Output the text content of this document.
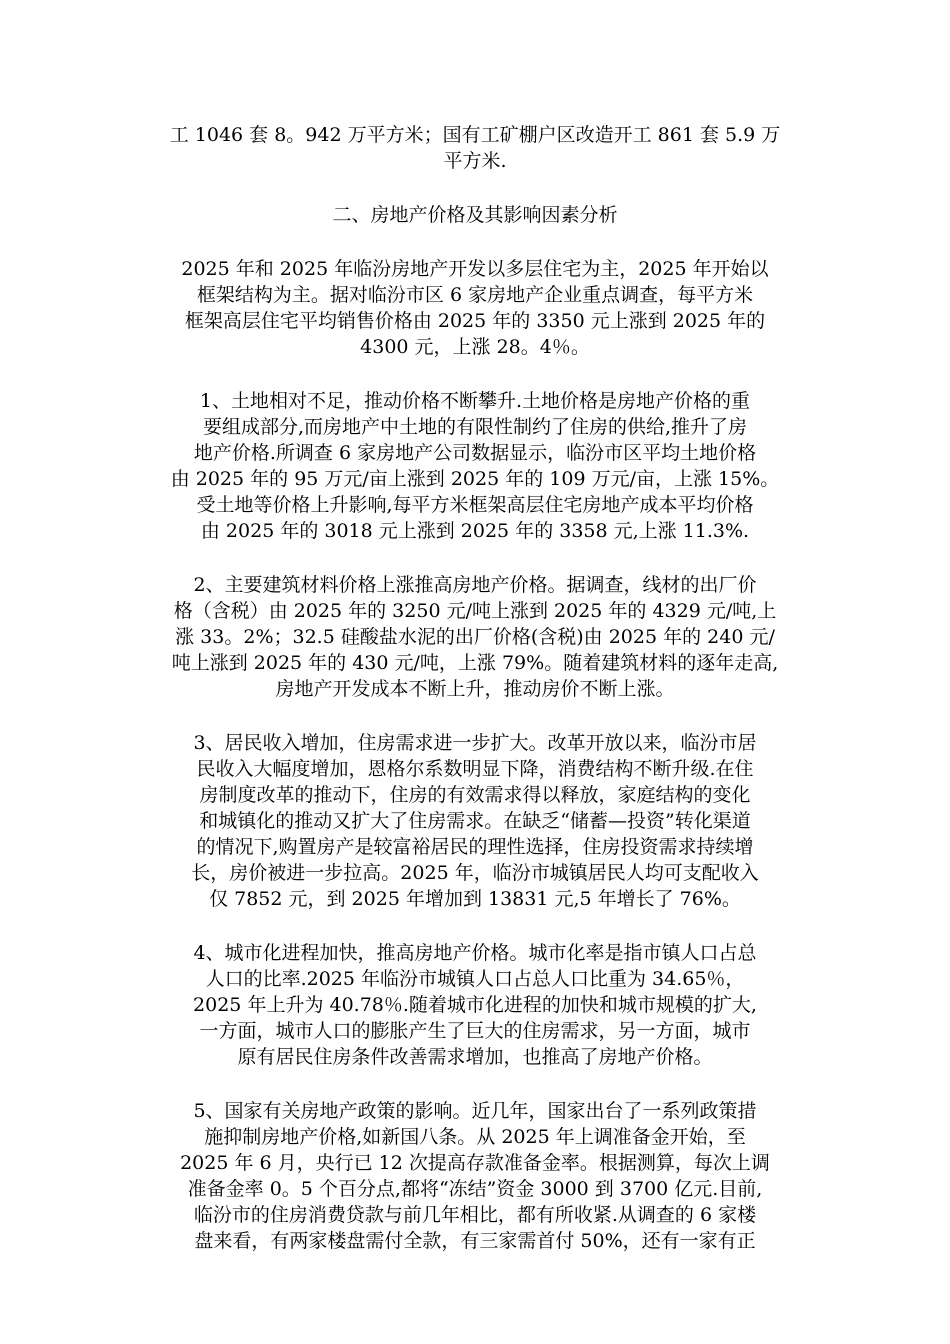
工 1046 套 8。942 万平方米；国有工矿棚户区改造开工 861 套 5.9 万
平方米.

二、房地产价格及其影响因素分析

2025 年和 2025 年临汾房地产开发以多层住宅为主，2025 年开始以
框架结构为主。据对临汾市区 6 家房地产企业重点调查，每平方米
框架高层住宅平均销售价格由 2025 年的 3350 元上涨到 2025 年的
4300 元，上涨 28。4％。

1、土地相对不足，推动价格不断攀升.土地价格是房地产价格的重
要组成部分,而房地产中土地的有限性制约了住房的供给,推升了房
地产价格.所调查 6 家房地产公司数据显示，临汾市区平均土地价格
由 2025 年的 95 万元/亩上涨到 2025 年的 109 万元/亩，上涨 15%。
受土地等价格上升影响,每平方米框架高层住宅房地产成本平均价格
由 2025 年的 3018 元上涨到 2025 年的 3358 元,上涨 11.3%.

2、主要建筑材料价格上涨推高房地产价格。据调查，线材的出厂价
格（含税）由 2025 年的 3250 元/吨上涨到 2025 年的 4329 元/吨,上
涨 33。2%；32.5 硅酸盐水泥的出厂价格(含税)由 2025 年的 240 元/
吨上涨到 2025 年的 430 元/吨，上涨 79%。随着建筑材料的逐年走高,
房地产开发成本不断上升，推动房价不断上涨。

3、居民收入增加，住房需求进一步扩大。改革开放以来，临汾市居
民收入大幅度增加，恩格尔系数明显下降，消费结构不断升级.在住
房制度改革的推动下，住房的有效需求得以释放，家庭结构的变化
和城镇化的推动又扩大了住房需求。在缺乏“储蓄—投资”转化渠道
的情况下,购置房产是较富裕居民的理性选择，住房投资需求持续增
长，房价被进一步拉高。2025 年，临汾市城镇居民人均可支配收入
仅 7852 元，到 2025 年增加到 13831 元,5 年增长了 76%。

4、城市化进程加快，推高房地产价格。城市化率是指市镇人口占总
人口的比率.2025 年临汾市城镇人口占总人口比重为 34.65％，
2025 年上升为 40.78％.随着城市化进程的加快和城市规模的扩大,
一方面，城市人口的膨胀产生了巨大的住房需求，另一方面，城市
原有居民住房条件改善需求增加，也推高了房地产价格。

5、国家有关房地产政策的影响。近几年，国家出台了一系列政策措
施抑制房地产价格,如新国八条。从 2025 年上调准备金开始，至
2025 年 6 月，央行已 12 次提高存款准备金率。根据测算，每次上调
准备金率 0。5 个百分点,都将“冻结”资金 3000 到 3700 亿元.目前,
临汾市的住房消费贷款与前几年相比，都有所收紧.从调查的 6 家楼
盘来看，有两家楼盘需付全款，有三家需首付 50%，还有一家有正
